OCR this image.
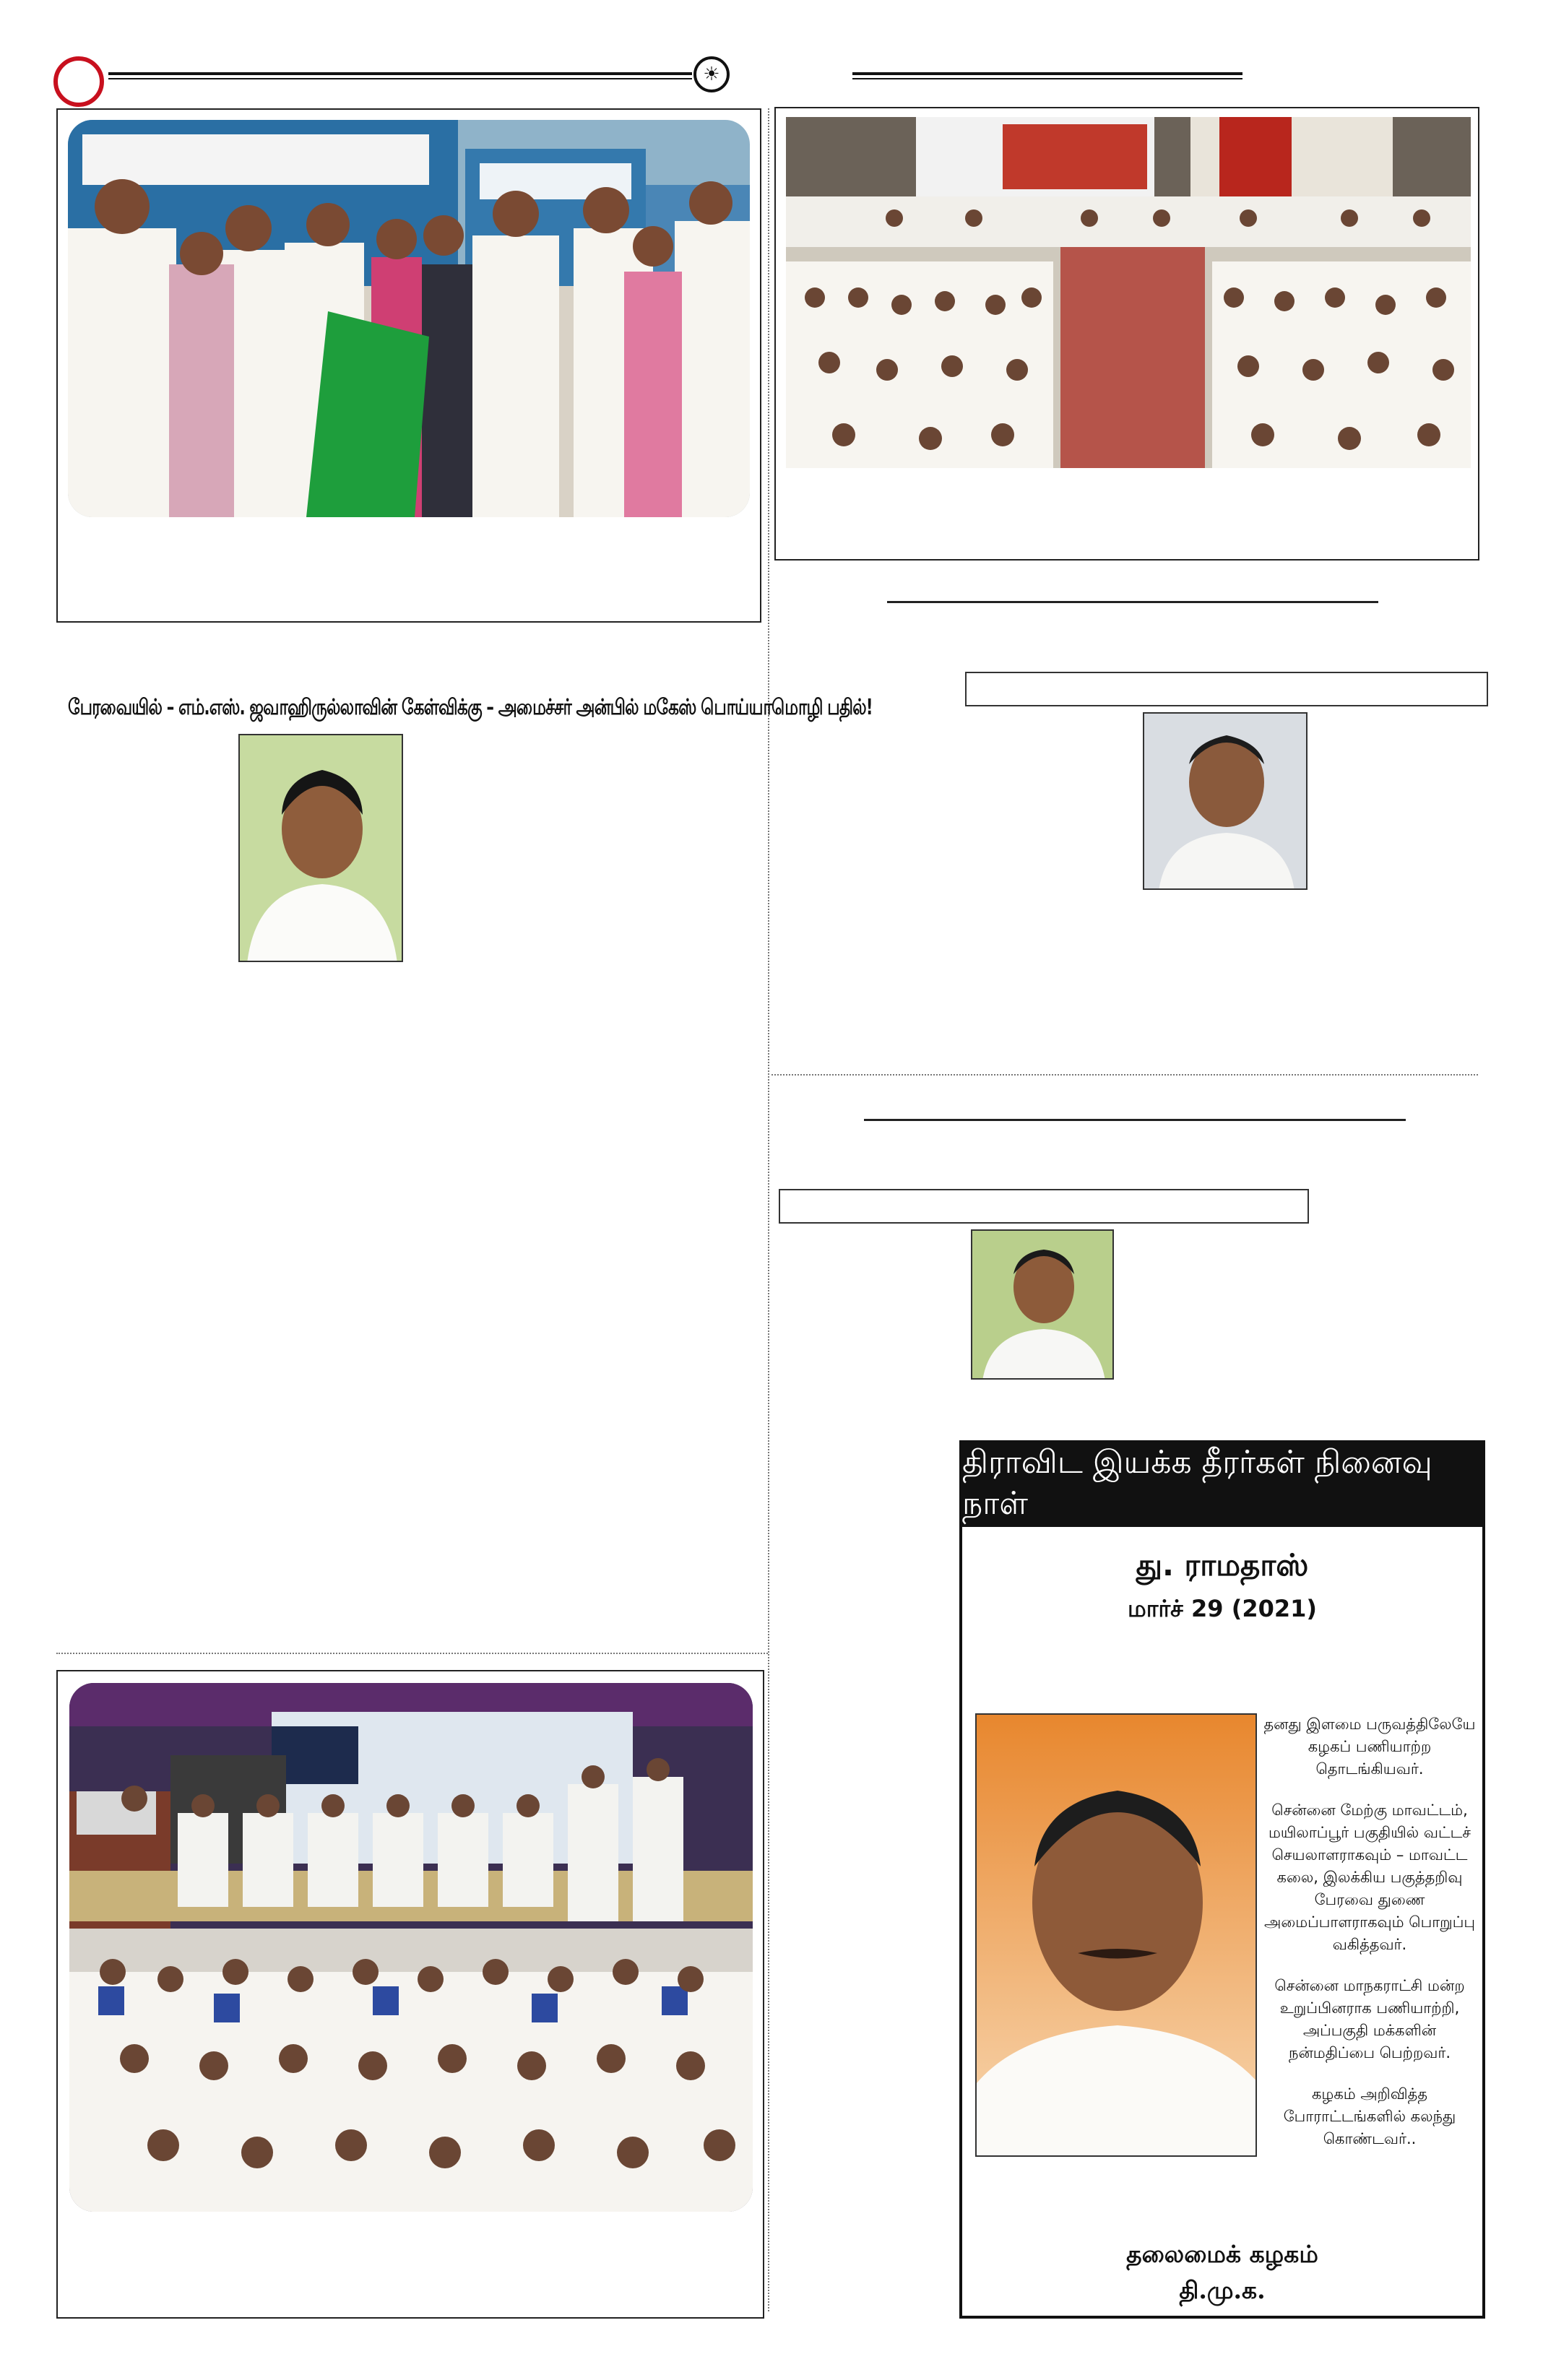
☀
பேரவையில் – எம்.எஸ். ஜவாஹிருல்லாவின் கேள்விக்கு – அமைச்சர் அன்பில் மகேஸ் பொய்யாமொழி பதில்!
திராவிட இயக்க தீரர்கள் நினைவு நாள்
து. ராமதாஸ்
மார்ச் 29 (2021)

தனது இளமை பருவத்திலேயே கழகப் பணியாற்ற தொடங்கியவர்.

சென்னை மேற்கு மாவட்டம், மயிலாப்பூர் பகுதியில் வட்டச் செயலாளராகவும் – மாவட்ட கலை, இலக்கிய பகுத்தறிவு பேரவை துணை அமைப்பாளராகவும் பொறுப்பு வகித்தவர்.

சென்னை மாநகராட்சி மன்ற உறுப்பினராக பணியாற்றி, அப்பகுதி மக்களின் நன்மதிப்பை பெற்றவர்.

கழகம் அறிவித்த போராட்டங்களில் கலந்து கொண்டவர்..

தலைமைக் கழகம்
தி.மு.க.
